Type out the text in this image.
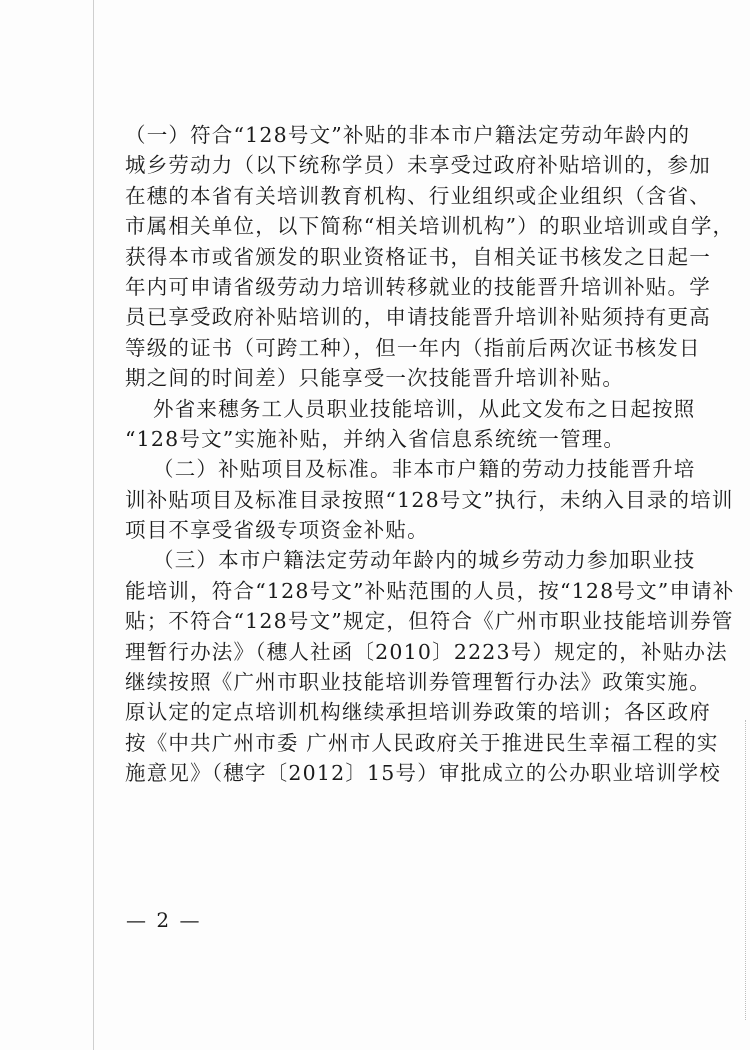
（一）符合“128号文”补贴的非本市户籍法定劳动年龄内的
城乡劳动力（以下统称学员）未享受过政府补贴培训的，参加
在穗的本省有关培训教育机构、行业组织或企业组织（含省、
市属相关单位，以下简称“相关培训机构”）的职业培训或自学，
获得本市或省颁发的职业资格证书，自相关证书核发之日起一
年内可申请省级劳动力培训转移就业的技能晋升培训补贴。学
员已享受政府补贴培训的，申请技能晋升培训补贴须持有更高
等级的证书（可跨工种），但一年内（指前后两次证书核发日
期之间的时间差）只能享受一次技能晋升培训补贴。
外省来穗务工人员职业技能培训，从此文发布之日起按照
“128号文”实施补贴，并纳入省信息系统统一管理。
（二）补贴项目及标准。非本市户籍的劳动力技能晋升培
训补贴项目及标准目录按照“128号文”执行，未纳入目录的培训
项目不享受省级专项资金补贴。
（三）本市户籍法定劳动年龄内的城乡劳动力参加职业技
能培训，符合“128号文”补贴范围的人员，按“128号文”申请补
贴；不符合“128号文”规定，但符合《广州市职业技能培训券管
理暂行办法》（穗人社函〔2010〕2223号）规定的，补贴办法
继续按照《广州市职业技能培训券管理暂行办法》政策实施。
原认定的定点培训机构继续承担培训券政策的培训；各区政府
按《中共广州市委 广州市人民政府关于推进民生幸福工程的实
施意见》（穗字〔2012〕15号）审批成立的公办职业培训学校
— 2 —
